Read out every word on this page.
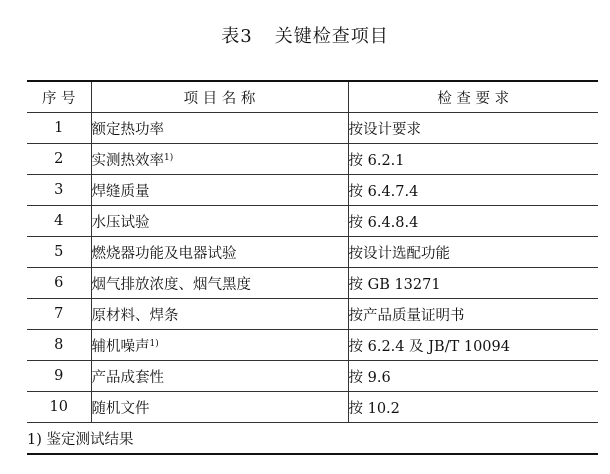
表3 关键检查项目
序 号	项 目 名 称	检 查 要 求
1	额定热功率	按设计要求
2	实测热效率$^{1)}$	按 6.2.1
3	焊缝质量	按 6.4.7.4
4	水压试验	按 6.4.8.4
5	燃烧器功能及电器试验	按设计选配功能
6	烟气排放浓度、烟气黑度	按 GB 13271
7	原材料、焊条	按产品质量证明书
8	辅机噪声$^{1)}$	按 6.2.4 及 JB/T 10094
9	产品成套性	按 9.6
10	随机文件	按 10.2
1) 鉴定测试结果		
